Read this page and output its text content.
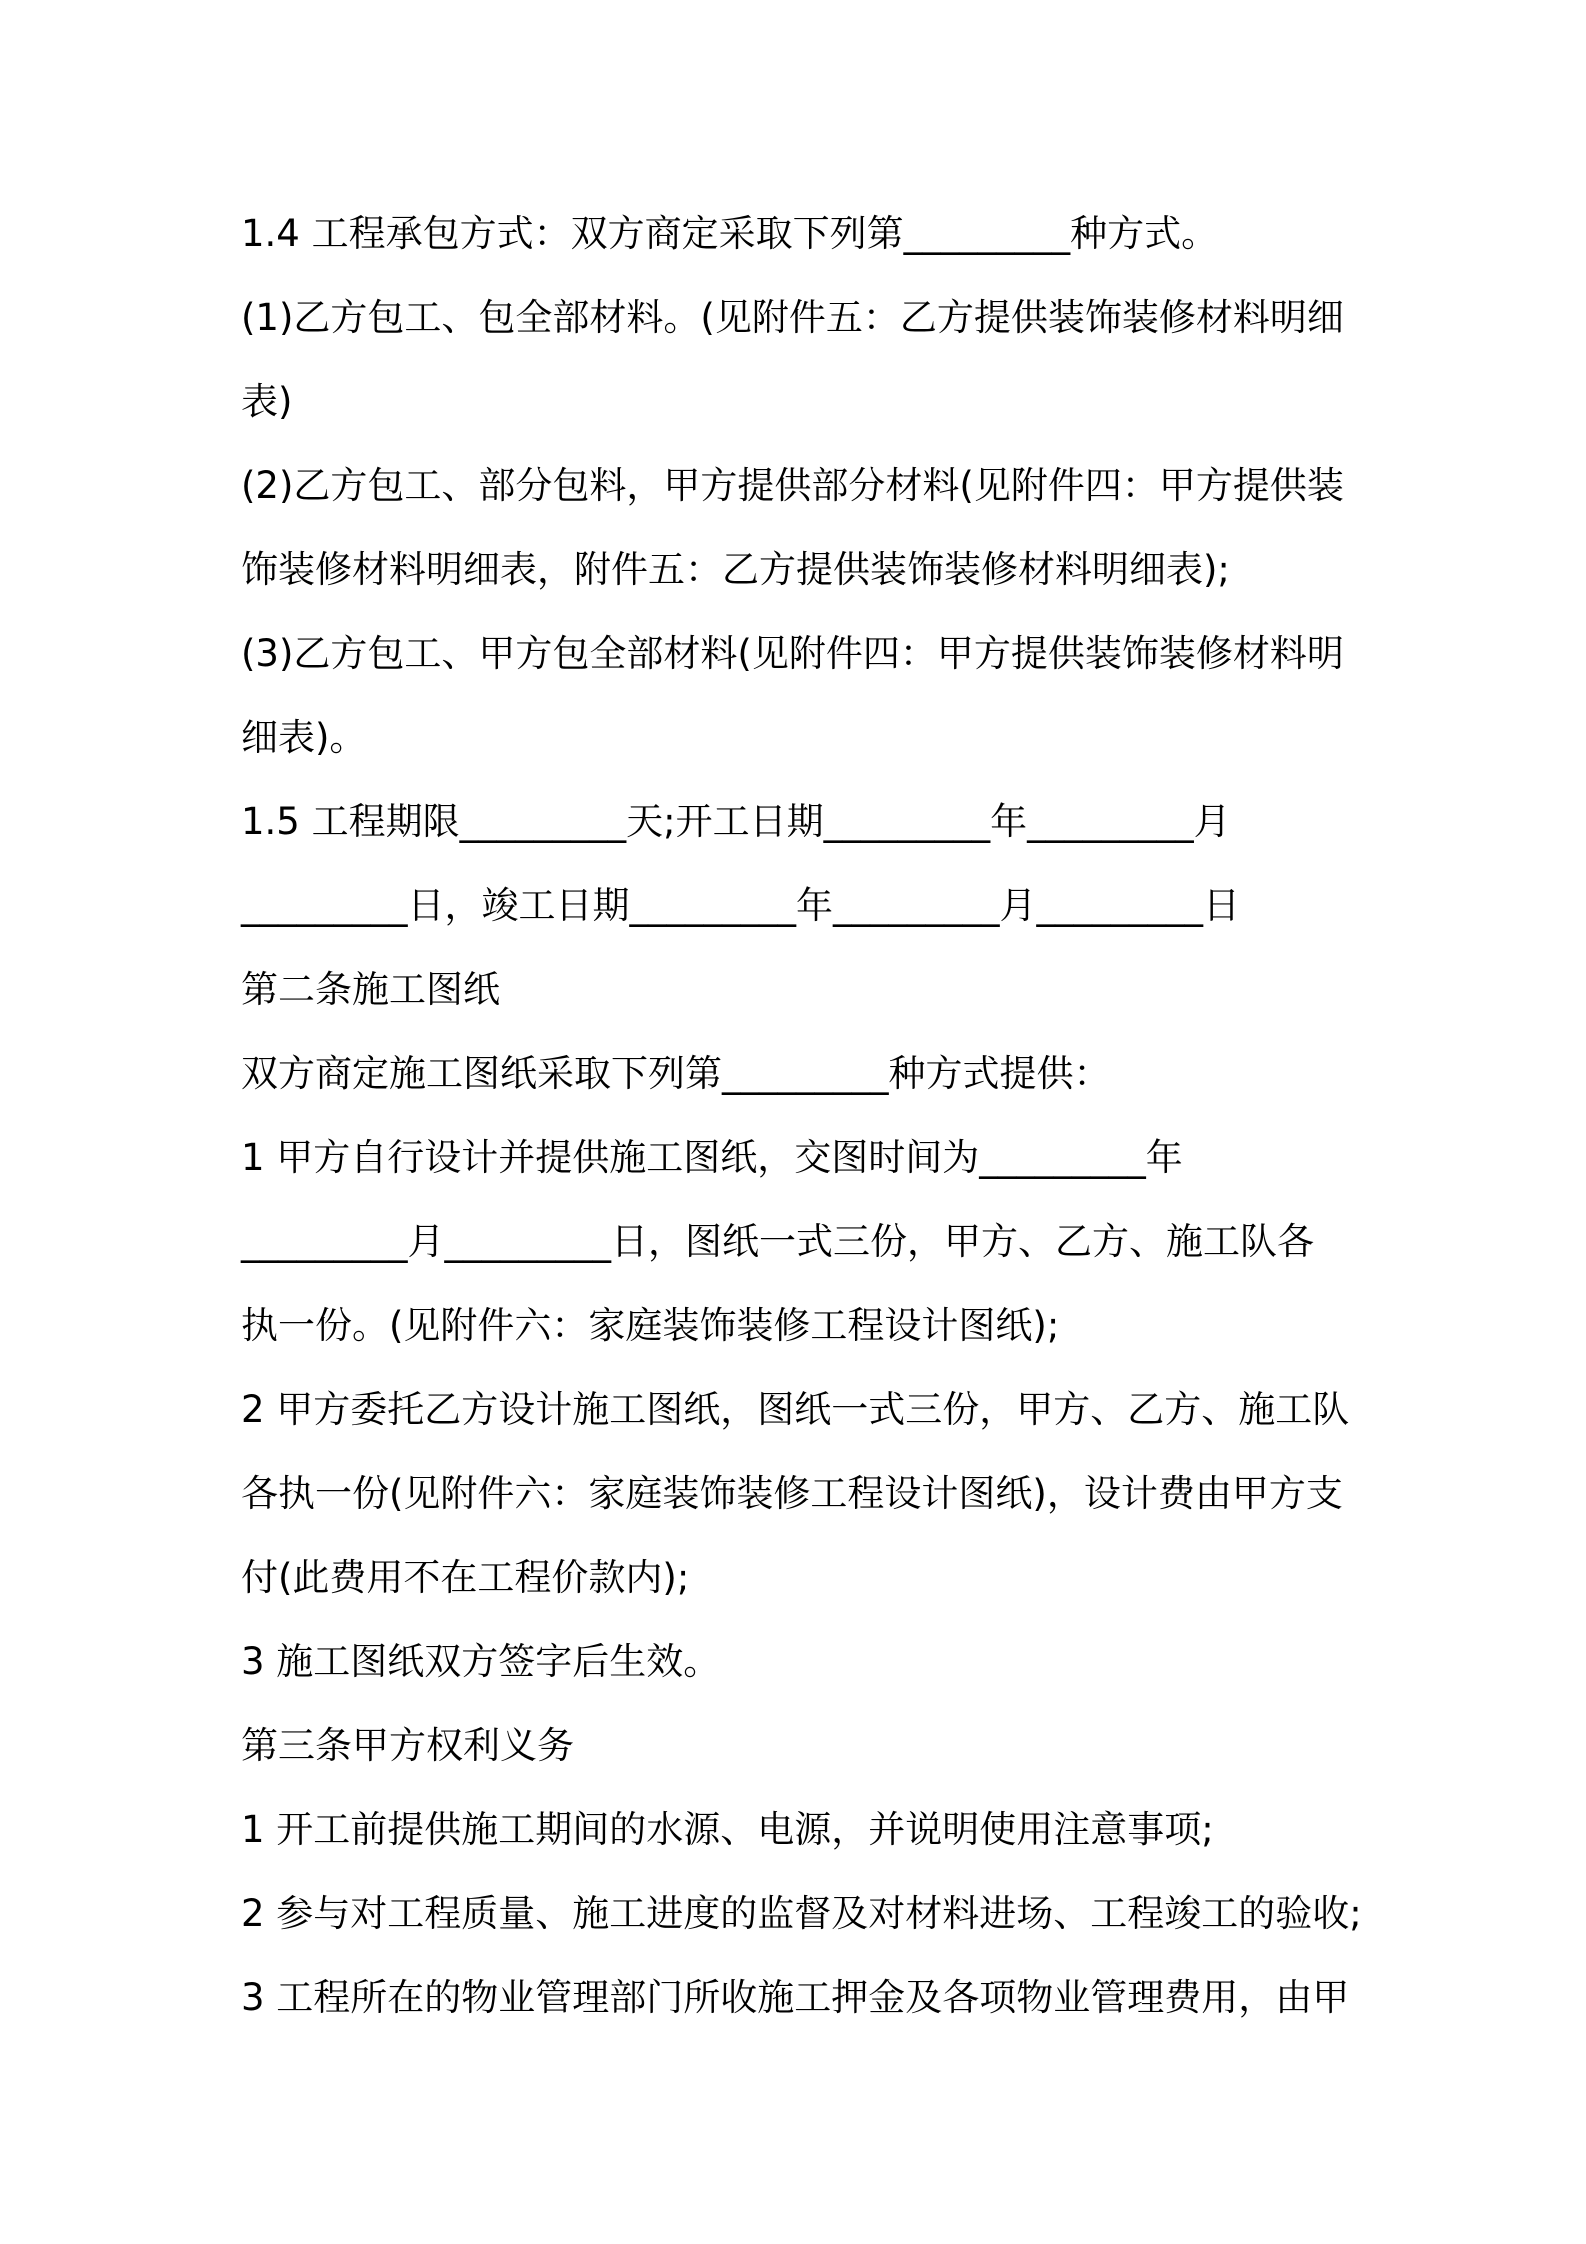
1.4 工程承包方式：双方商定采取下列第_________种方式。
(1)乙方包工、包全部材料。(见附件五：乙方提供装饰装修材料明细
表)
(2)乙方包工、部分包料，甲方提供部分材料(见附件四：甲方提供装
饰装修材料明细表，附件五：乙方提供装饰装修材料明细表);
(3)乙方包工、甲方包全部材料(见附件四：甲方提供装饰装修材料明
细表)。
1.5 工程期限_________天;开工日期_________年_________月
_________日，竣工日期_________年_________月_________日
第二条施工图纸
双方商定施工图纸采取下列第_________种方式提供：
1 甲方自行设计并提供施工图纸，交图时间为_________年
_________月_________日，图纸一式三份，甲方、乙方、施工队各
执一份。(见附件六：家庭装饰装修工程设计图纸);
2 甲方委托乙方设计施工图纸，图纸一式三份，甲方、乙方、施工队
各执一份(见附件六：家庭装饰装修工程设计图纸)，设计费由甲方支
付(此费用不在工程价款内);
3 施工图纸双方签字后生效。
第三条甲方权利义务
1 开工前提供施工期间的水源、电源，并说明使用注意事项;
2 参与对工程质量、施工进度的监督及对材料进场、工程竣工的验收;
3 工程所在的物业管理部门所收施工押金及各项物业管理费用，由甲
